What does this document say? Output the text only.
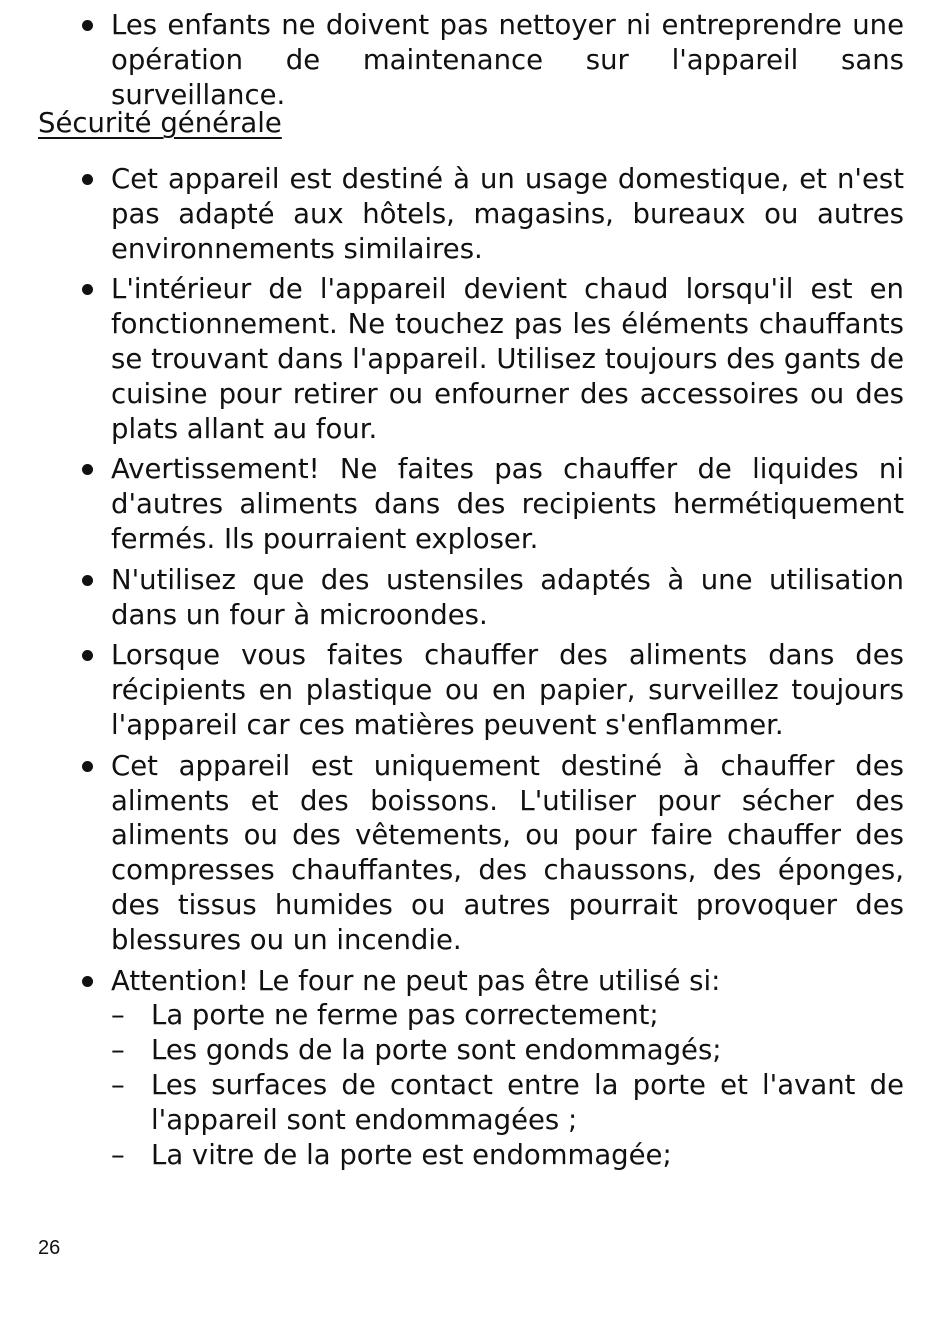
Les enfants ne doivent pas nettoyer ni entreprendre une opération de maintenance sur l'appareil sans surveillance.
Sécurité générale
Cet appareil est destiné à un usage domestique, et n'est pas adapté aux hôtels, magasins, bureaux ou autres environnements similaires.
L'intérieur de l'appareil devient chaud lorsqu'il est en fonctionnement. Ne touchez pas les éléments chauffants se trouvant dans l'appareil. Utilisez toujours des gants de cuisine pour retirer ou enfourner des accessoires ou des plats allant au four.
Avertissement! Ne faites pas chauffer de liquides ni d'autres aliments dans des recipients hermétiquement fermés. Ils pourraient exploser.
N'utilisez que des ustensiles adaptés à une utilisation dans un four à microondes.
Lorsque vous faites chauffer des aliments dans des récipients en plastique ou en papier, surveillez toujours l'appareil car ces matières peuvent s'enflammer.
Cet appareil est uniquement destiné à chauffer des aliments et des boissons. L'utiliser pour sécher des aliments ou des vêtements, ou pour faire chauffer des compresses chauffantes, des chaussons, des éponges, des tissus humides ou autres pourrait provoquer des blessures ou un incendie.
Attention! Le four ne peut pas être utilisé si:
– La porte ne ferme pas correctement;
– Les gonds de la porte sont endommagés;
– Les surfaces de contact entre la porte et l'avant de l'appareil sont endommagées ;
– La vitre de la porte est endommagée;
26
